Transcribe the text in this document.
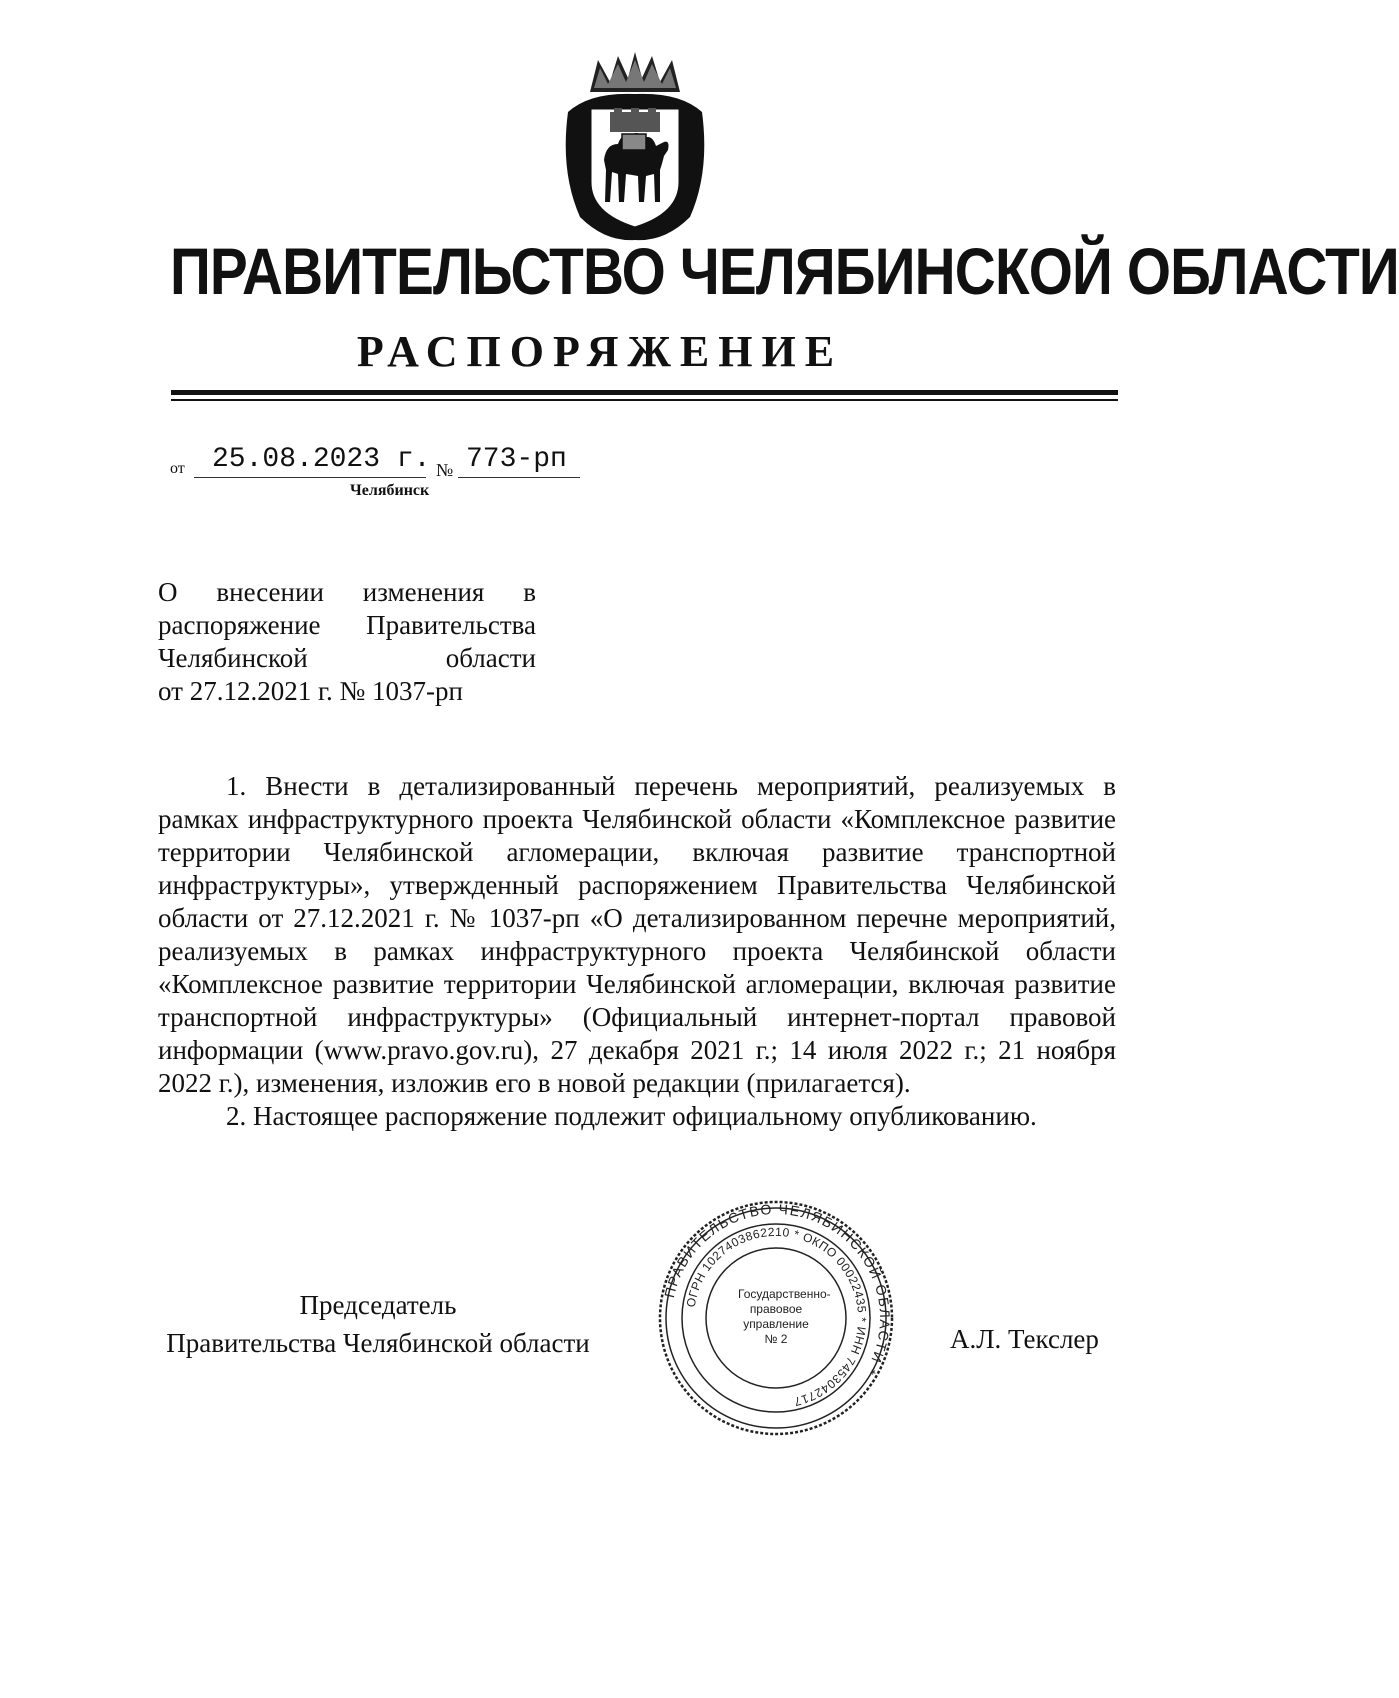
ПРАВИТЕЛЬСТВО ЧЕЛЯБИНСКОЙ ОБЛАСТИ
РАСПОРЯЖЕНИЕ
от 25.08.2023 г. № 773-рп
Челябинск
О внесении изменения в
распоряжение Правительства
Челябинской области
от 27.12.2021 г. № 1037-рп

1. Внести в детализированный перечень мероприятий, реализуемых в рамках инфраструктурного проекта Челябинской области «Комплексное развитие территории Челябинской агломерации, включая развитие транспортной инфраструктуры», утвержденный распоряжением Правительства Челябинской области от 27.12.2021 г. № 1037-рп «О детализированном перечне мероприятий, реализуемых в рамках инфраструктурного проекта Челябинской области «Комплексное развитие территории Челябинской агломерации, включая развитие транспортной инфраструктуры» (Официальный интернет-портал правовой информации (www.pravo.gov.ru), 27 декабря 2021 г.; 14 июля 2022 г.; 21 ноября 2022 г.), изменения, изложив его в новой редакции (прилагается).

2. Настоящее распоряжение подлежит официальному опубликованию.

Председатель
Правительства Челябинской области
ПРАВИТЕЛЬСТВО ЧЕЛЯБИНСКОЙ ОБЛАСТИ *
ОГРН 1027403862210 * ОКПО 00022435 * ИНН 7453042717
Государственно-
правовое
управление
№ 2	А.Л. Текслер
